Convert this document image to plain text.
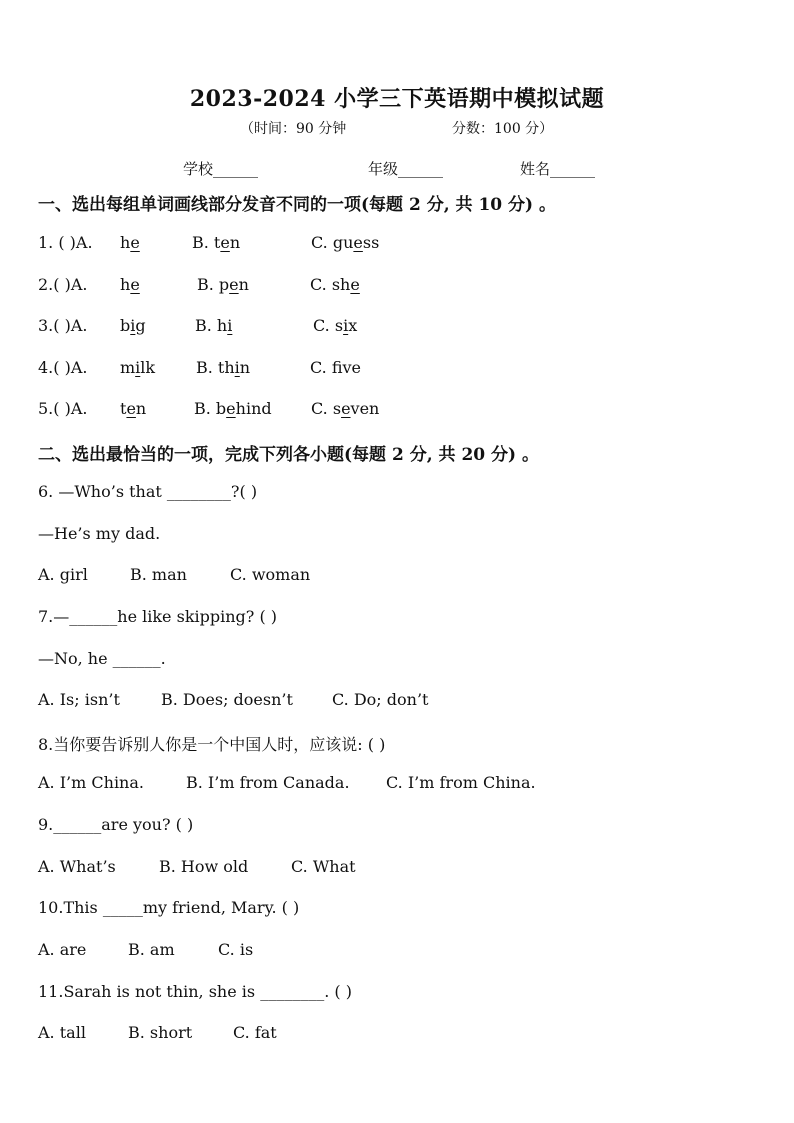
2023-2024 小学三下英语期中模拟试题
（时间：90 分钟	分数：100 分）
学校______	年级______	姓名______
一、选出每组单词画线部分发音不同的一项(每题 2 分, 共 10 分) 。
1. ( )A. he	B. ten	C. guess
2.( )A. he	B. pen	C. she
3.( )A. big	B. hi	C. six
4.( )A. milk	B. thin	C. fve
5.( )A. ten	B. behind C. seven
二、选出最恰当的一项，完成下列各小题(每题 2 分, 共 20 分) 。
6. —Who’s that ________?( )
—He’s my dad.
A. girl	B. man	C. woman
7.—______he like skipping? ( )
—No, he ______.
A. Is; isn’t	B. Does; doesn’t C. Do; don’t
8.当你要告诉别人你是一个中国人时，应该说: ( )
A. I’m China.	B. I’m from Canada. C. I’m from China.
9.______are you? ( )
A. What’s	B. How old	C. What
10.This _____my friend, Mary. ( )
A. are	B. am	C. is
11.Sarah is not thin, she is ________. ( )
A. tall	B. short	C. fat
